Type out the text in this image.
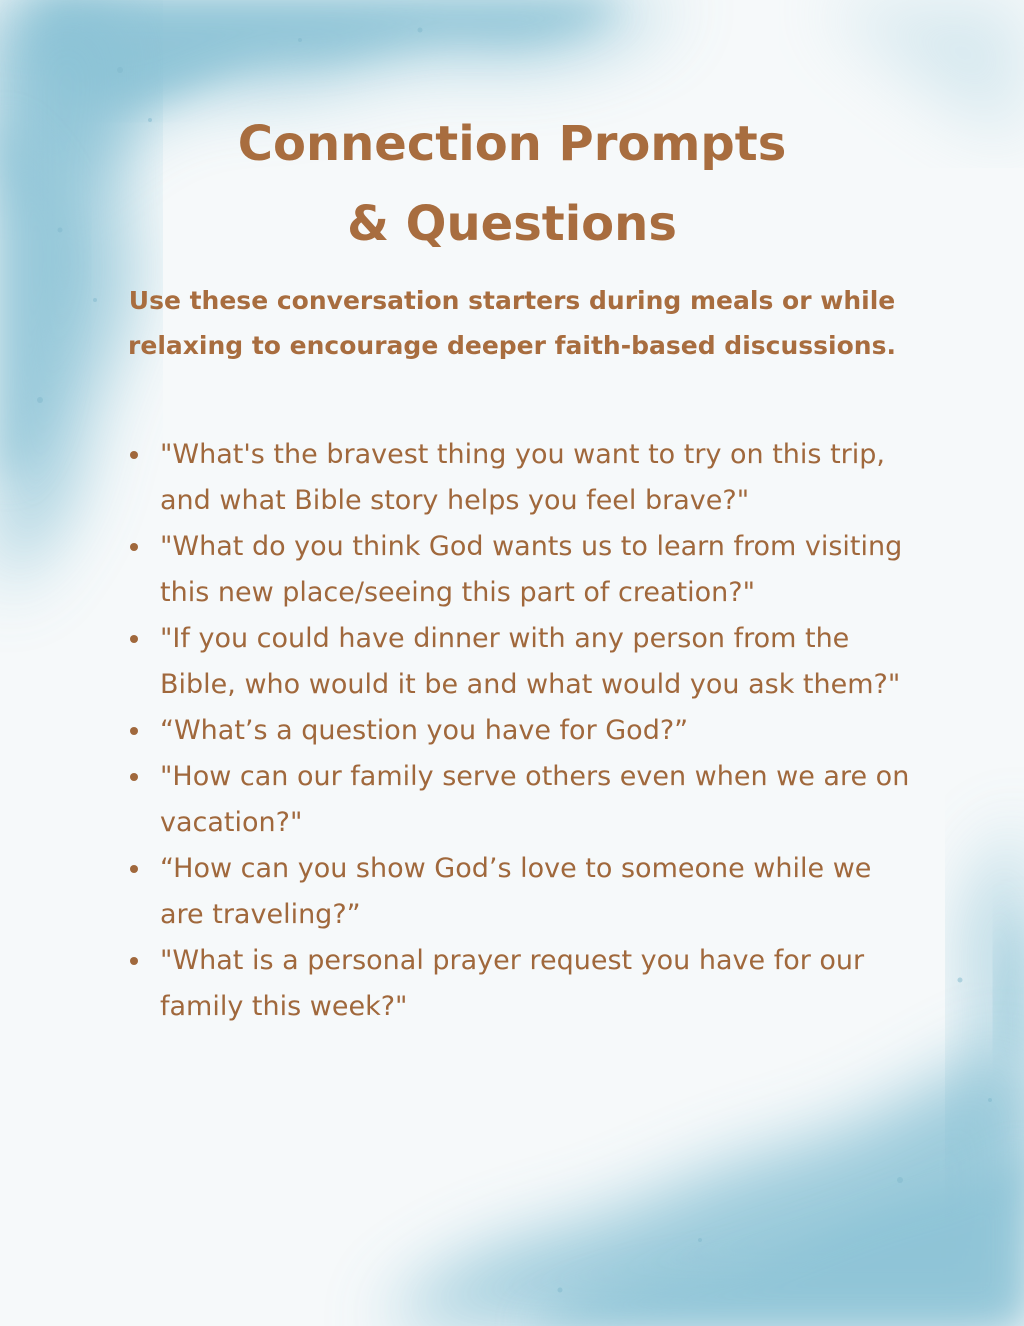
Connection Prompts
& Questions

Use these conversation starters during meals or while relaxing to encourage deeper faith-based discussions.

"What's the bravest thing you want to try on this trip, and what Bible story helps you feel brave?"
"What do you think God wants us to learn from visiting this new place/seeing this part of creation?"
"If you could have dinner with any person from the Bible, who would it be and what would you ask them?"
“What’s a question you have for God?”
"How can our family serve others even when we are on vacation?"
“How can you show God’s love to someone while we are traveling?”
"What is a personal prayer request you have for our family this week?"
